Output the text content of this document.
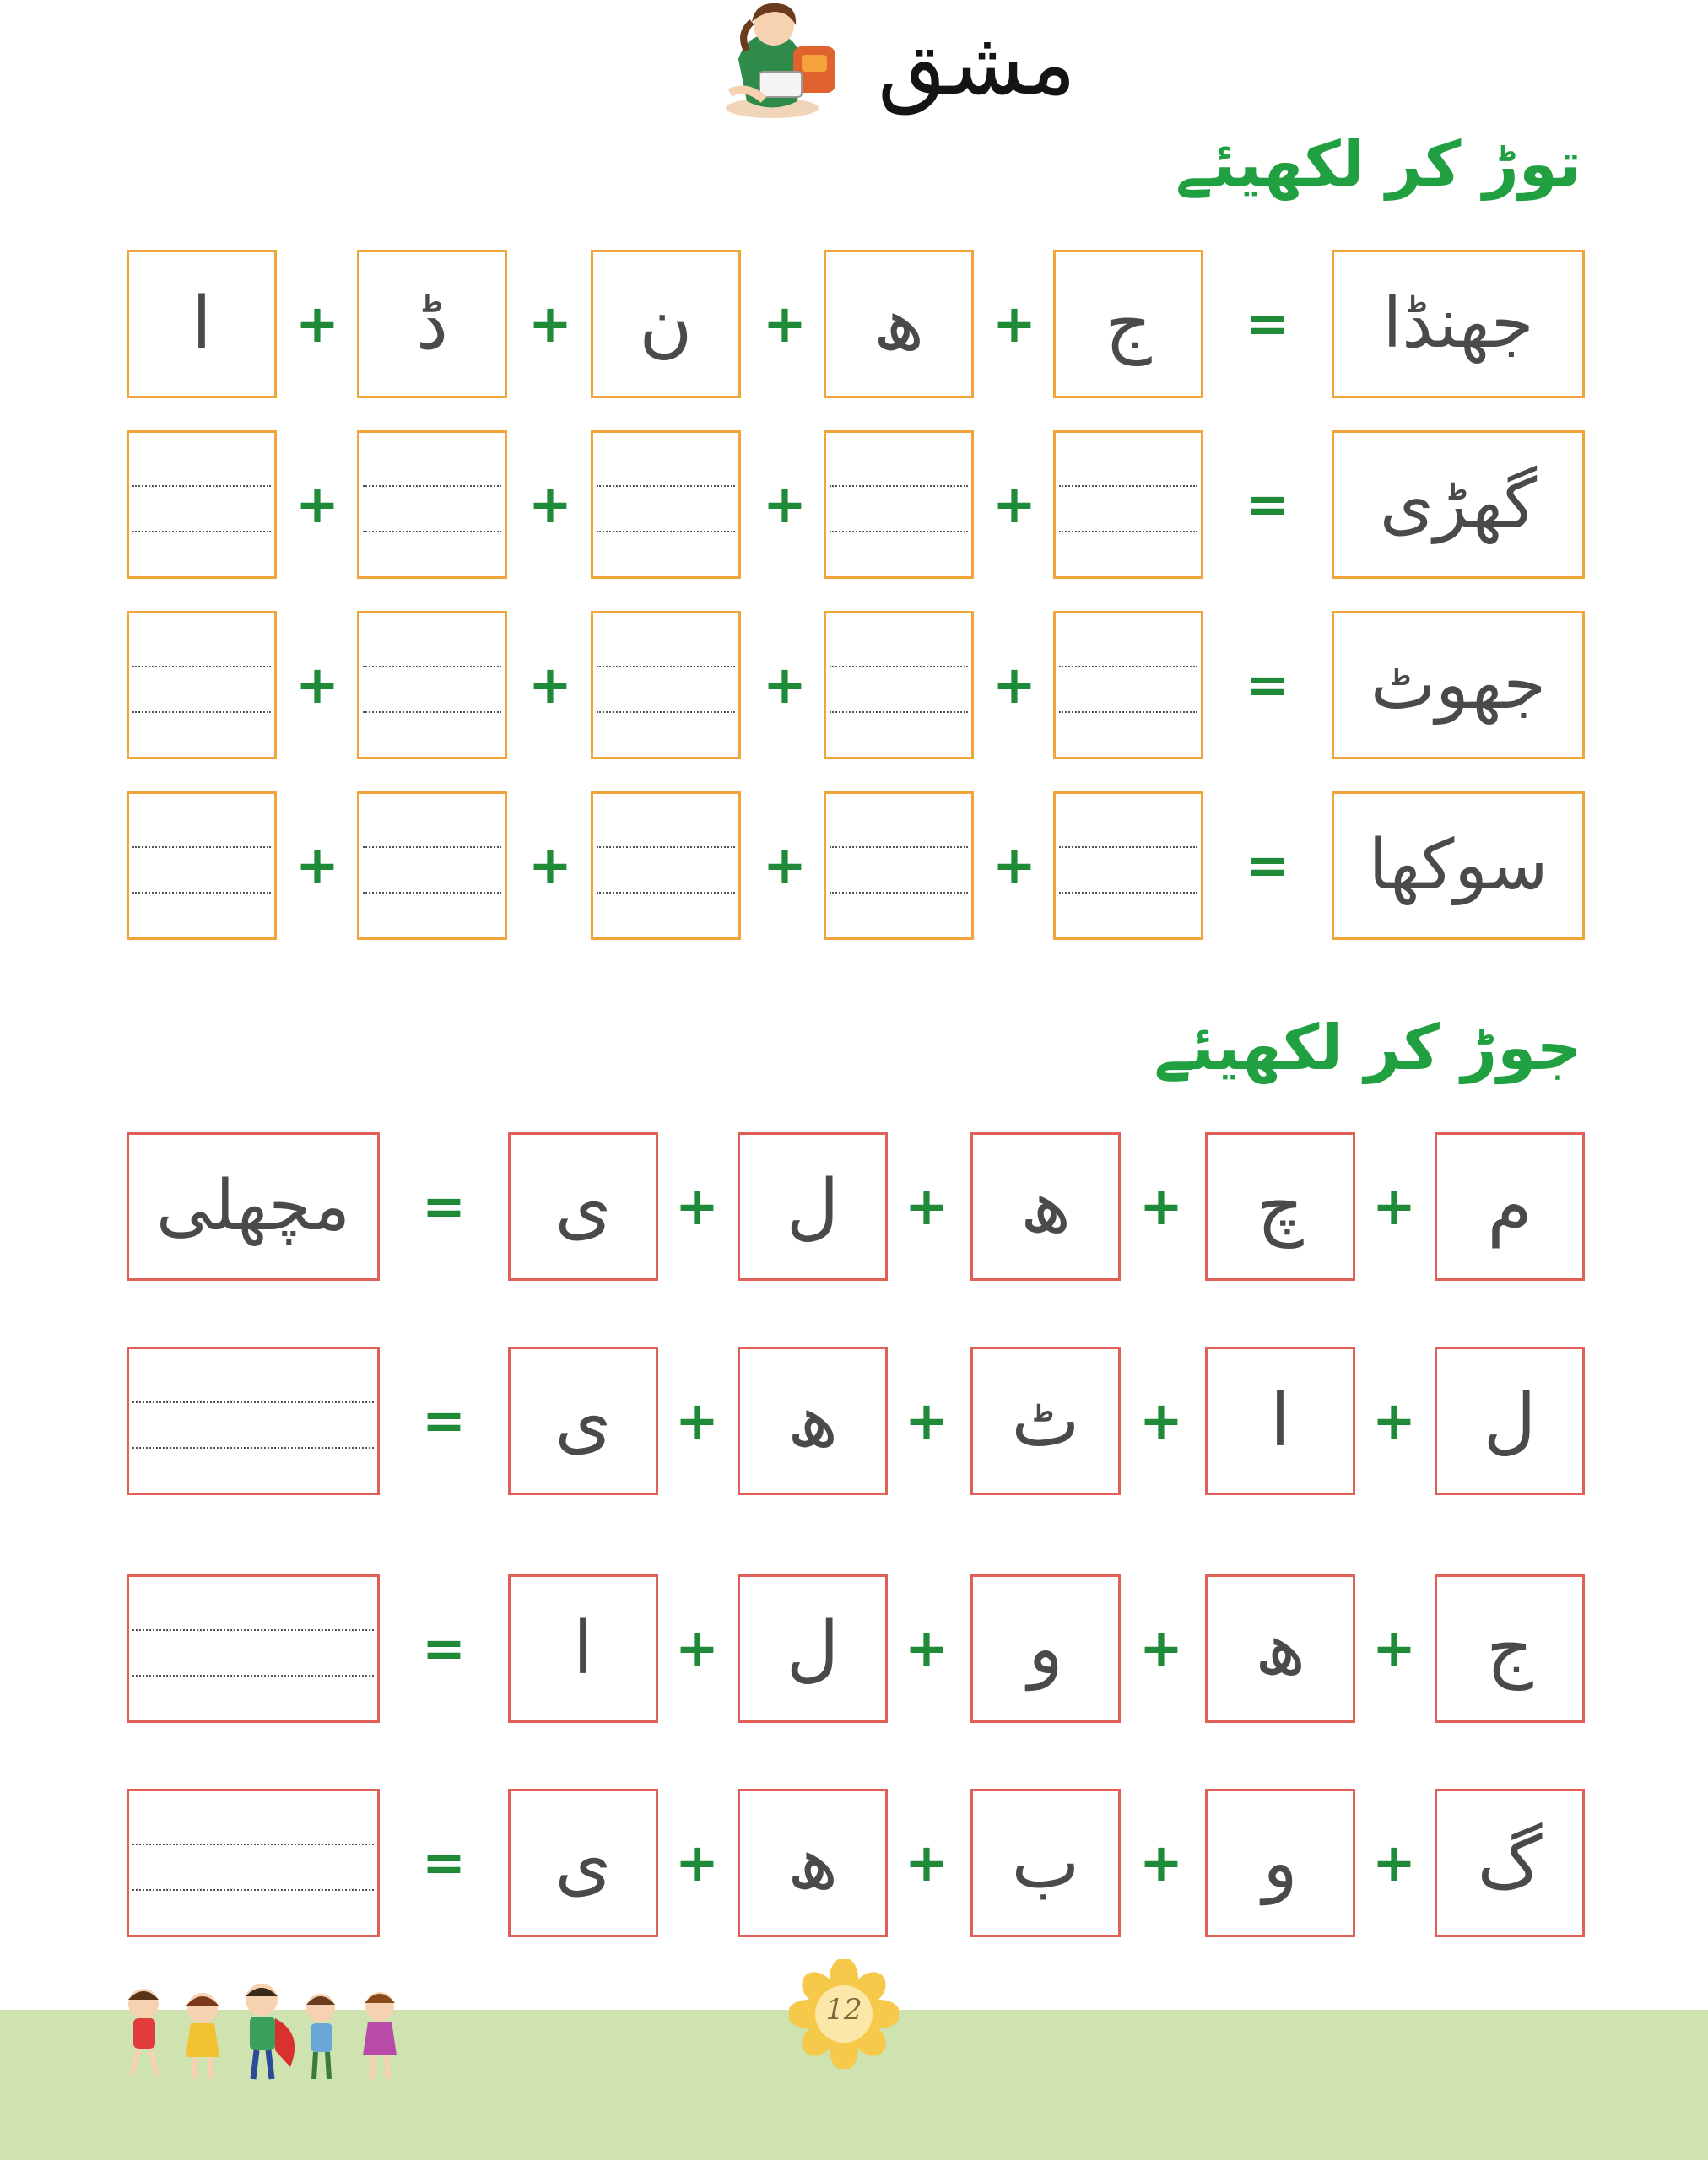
مشق
توڑ کر لکھیئے
جھنڈا
=
ج
+
ھ
+
ن
+
ڈ
+
ا
گھڑی
=
+
+
+
+
جھوٹ
=
+
+
+
+
سوکھا
=
+
+
+
+
جوڑ کر لکھیئے
م
+
چ
+
ھ
+
ل
+
ی
=
مچھلی
ل
+
ا
+
ٹ
+
ھ
+
ی
=
ج
+
ھ
+
و
+
ل
+
ا
=
گ
+
و
+
ب
+
ھ
+
ی
=
12
